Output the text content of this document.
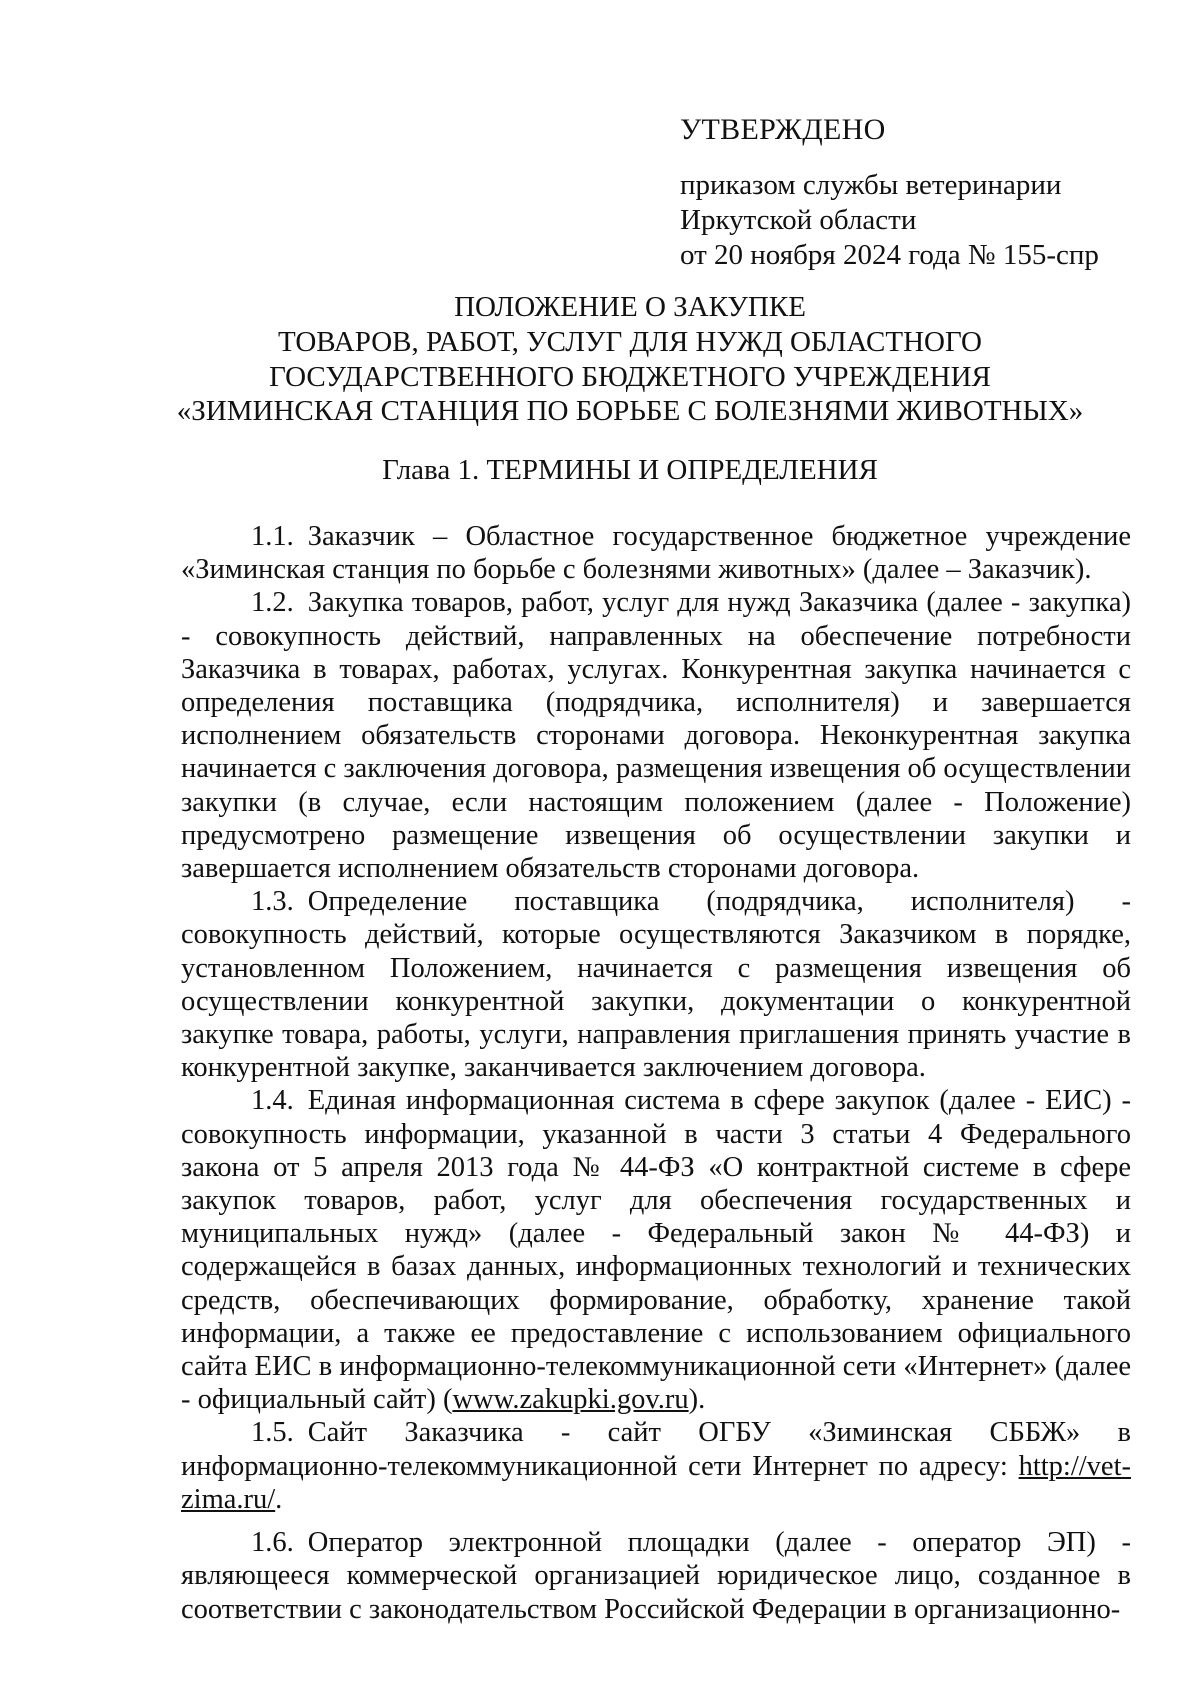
УТВЕРЖДЕНО
приказом службы ветеринарии
Иркутской области
от 20 ноября 2024 года № 155-спр
ПОЛОЖЕНИЕ О ЗАКУПКЕ
ТОВАРОВ, РАБОТ, УСЛУГ ДЛЯ НУЖД ОБЛАСТНОГО
ГОСУДАРСТВЕННОГО БЮДЖЕТНОГО УЧРЕЖДЕНИЯ
«ЗИМИНСКАЯ СТАНЦИЯ ПО БОРЬБЕ С БОЛЕЗНЯМИ ЖИВОТНЫХ»
Глава 1. ТЕРМИНЫ И ОПРЕДЕЛЕНИЯ

1.1. Заказчик – Областное государственное бюджетное учреждение «Зиминская станция по борьбе с болезнями животных» (далее – Заказчик).

1.2. Закупка товаров, работ, услуг для нужд Заказчика (далее - закупка) - совокупность действий, направленных на обеспечение потребности Заказчика в товарах, работах, услугах. Конкурентная закупка начинается с определения поставщика (подрядчика, исполнителя) и завершается исполнением обязательств сторонами договора. Неконкурентная закупка начинается с заключения договора, размещения извещения об осуществлении закупки (в случае, если настоящим положением (далее - Положение) предусмотрено размещение извещения об осуществлении закупки и завершается исполнением обязательств сторонами договора.

1.3. Определение поставщика (подрядчика, исполнителя) - совокупность действий, которые осуществляются Заказчиком в порядке, установленном Положением, начинается с размещения извещения об осуществлении конкурентной закупки, документации о конкурентной закупке товара, работы, услуги, направления приглашения принять участие в конкурентной закупке, заканчивается заключением договора.

1.4. Единая информационная система в сфере закупок (далее - ЕИС) - совокупность информации, указанной в части 3 статьи 4 Федерального закона от 5 апреля 2013 года № 44-ФЗ «О контрактной системе в сфере закупок товаров, работ, услуг для обеспечения государственных и муниципальных нужд» (далее - Федеральный закон № 44-ФЗ) и содержащейся в базах данных, информационных технологий и технических средств, обеспечивающих формирование, обработку, хранение такой информации, а также ее предоставление с использованием официального сайта ЕИС в информационно-телекоммуникационной сети «Интернет» (далее - официальный сайт) (www.zakupki.gov.ru).

1.5. Сайт Заказчика - сайт ОГБУ «Зиминская СББЖ» в информационно-телекоммуникационной сети Интернет по адресу: http://vet-zima.ru/.

1.6. Оператор электронной площадки (далее - оператор ЭП) - являющееся коммерческой организацией юридическое лицо, созданное в соответствии с законодательством Российской Федерации в организационно-
